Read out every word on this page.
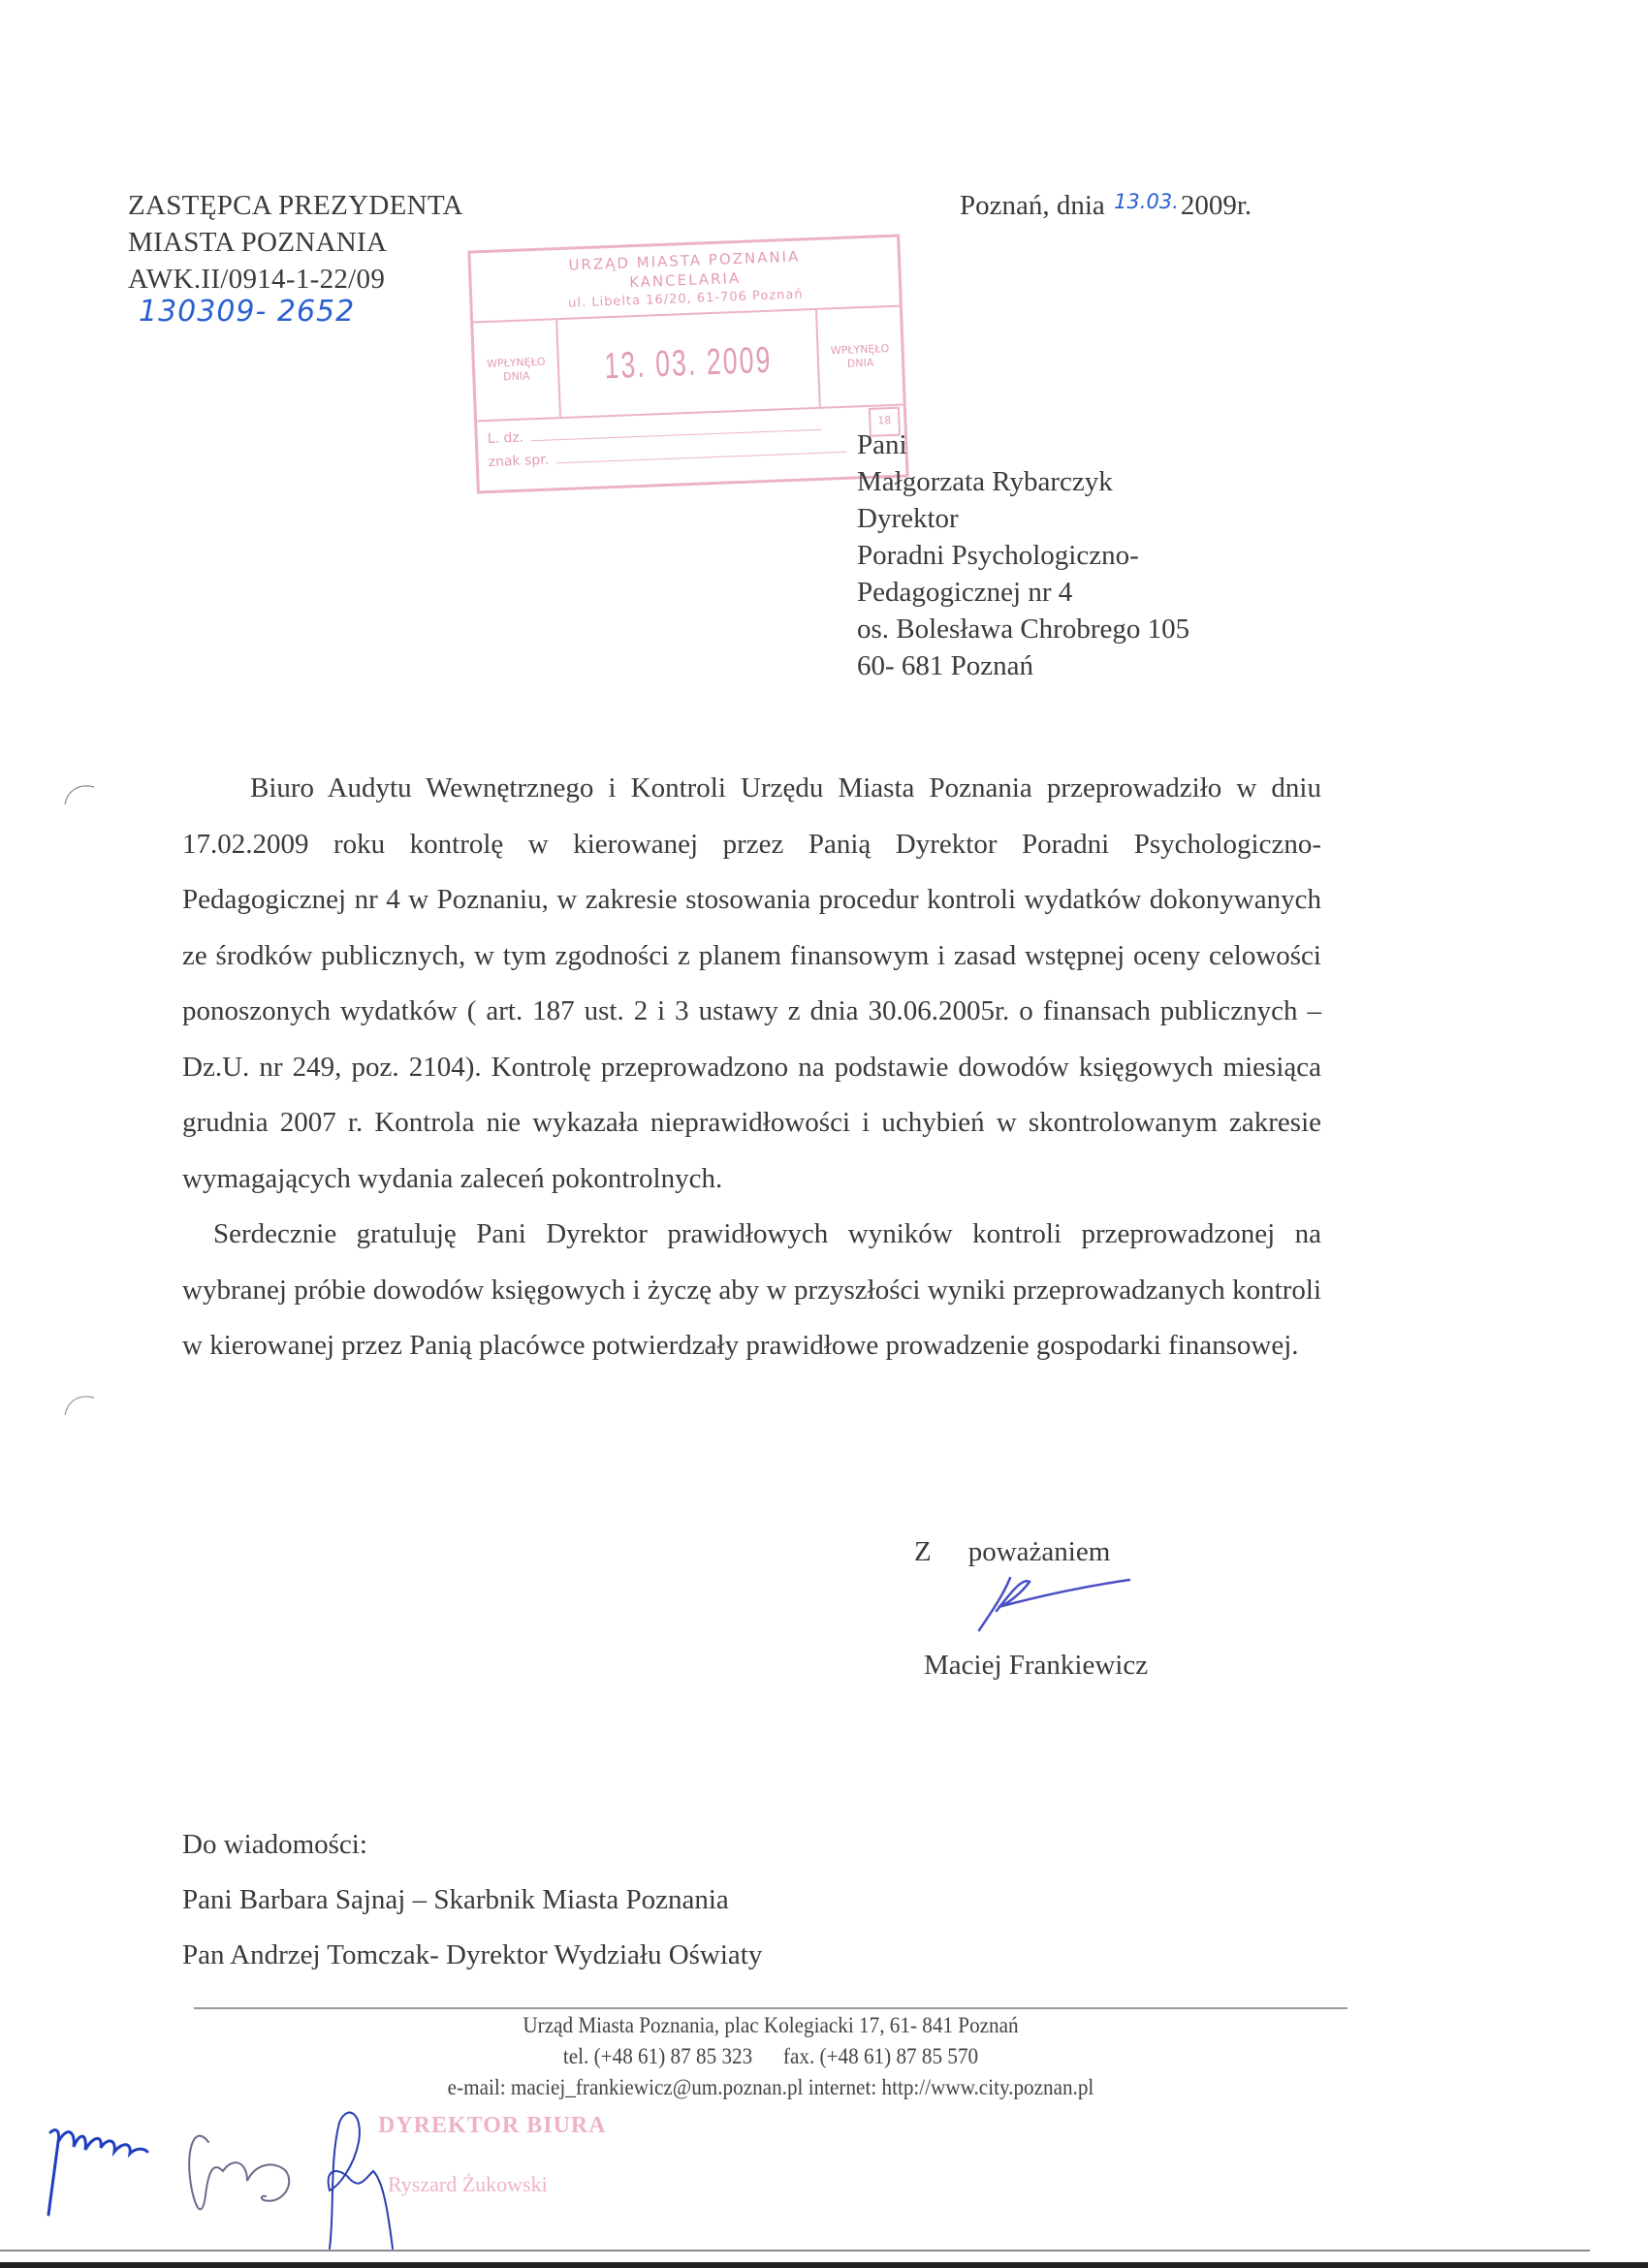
ZASTĘPCA PREZYDENTA
MIASTA POZNANIA
AWK.II/0914-1-22/09
130309- 2652
Poznań, dnia $^{13.03.}$2009r.
URZĄD MIASTA POZNANIA
KANCELARIA
ul. Libelta 16/20, 61-706 Poznań
WPŁYNĘŁO
DNIA	13. 03. 2009	WPŁYNĘŁO
DNIA
L. dz.
znak spr.
18
Pani
Małgorzata Rybarczyk
Dyrektor
Poradni Psychologiczno-
Pedagogicznej nr 4
os. Bolesława Chrobrego 105
60- 681 Poznań

Biuro Audytu Wewnętrznego i Kontroli Urzędu Miasta Poznania przeprowadziło w dniu 17.02.2009 roku kontrolę w kierowanej przez Panią Dyrektor Poradni Psychologiczno- Pedagogicznej nr 4 w Poznaniu, w zakresie stosowania procedur kontroli wydatków dokonywanych ze środków publicznych, w tym zgodności z planem finansowym i zasad wstępnej oceny celowości ponoszonych wydatków ( art. 187 ust. 2 i 3 ustawy z dnia 30.06.2005r. o finansach publicznych – Dz.U. nr 249, poz. 2104). Kontrolę przeprowadzono na podstawie dowodów księgowych miesiąca grudnia 2007 r. Kontrola nie wykazała nieprawidłowości i uchybień w skontrolowanym zakresie wymagających wydania zaleceń pokontrolnych.

Serdecznie gratuluję Pani Dyrektor prawidłowych wyników kontroli przeprowadzonej na wybranej próbie dowodów księgowych i życzę aby w przyszłości wyniki przeprowadzanych kontroli w kierowanej przez Panią placówce potwierdzały prawidłowe prowadzenie gospodarki finansowej.

Z poważaniem
Maciej Frankiewicz
Do wiadomości:
Pani Barbara Sajnaj – Skarbnik Miasta Poznania
Pan Andrzej Tomczak- Dyrektor Wydziału Oświaty
Urząd Miasta Poznania, plac Kolegiacki 17, 61- 841 Poznań
tel. (+48 61) 87 85 323      fax. (+48 61) 87 85 570
e-mail: maciej_frankiewicz@um.poznan.pl internet: http://www.city.poznan.pl
DYREKTOR BIURA
Ryszard Żukowski
